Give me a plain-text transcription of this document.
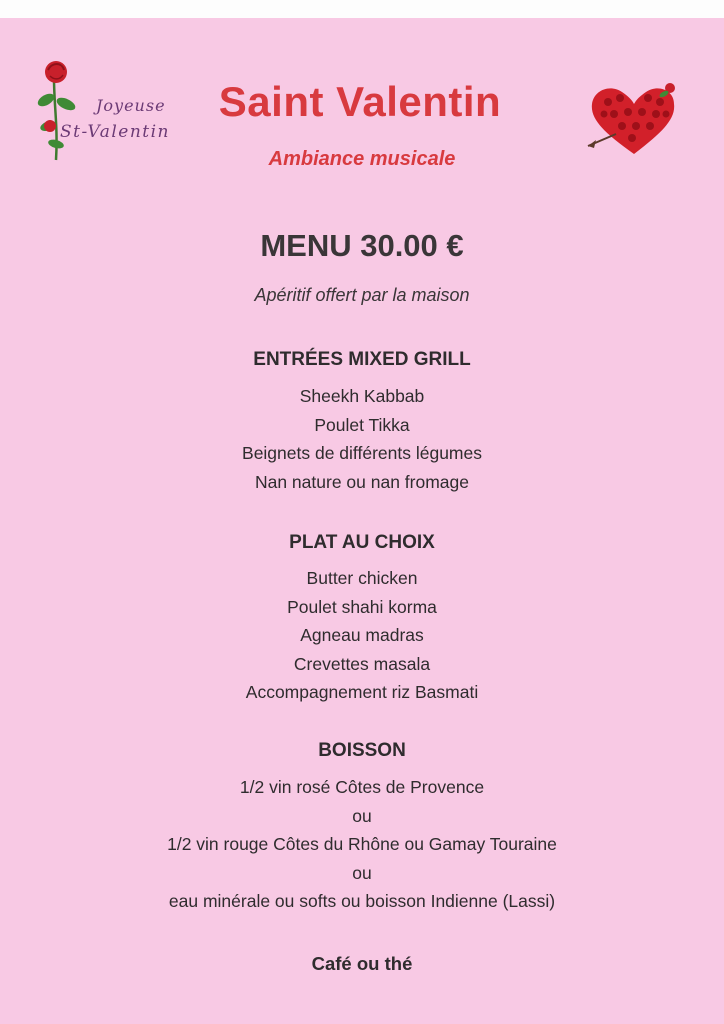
Joyeuse
St-Valentin
Saint Valentin
Ambiance musicale
MENU 30.00 €
Apéritif offert par la maison
ENTRÉES MIXED GRILL
Sheekh Kabbab
Poulet Tikka
Beignets de différents légumes
Nan nature ou nan fromage
PLAT AU CHOIX
Butter chicken
Poulet shahi korma
Agneau madras
Crevettes masala
Accompagnement riz Basmati
BOISSON
1/2 vin rosé Côtes de Provence
ou
1/2 vin rouge Côtes du Rhône ou Gamay Touraine
ou
eau minérale ou softs ou boisson Indienne (Lassi)
Café ou thé
